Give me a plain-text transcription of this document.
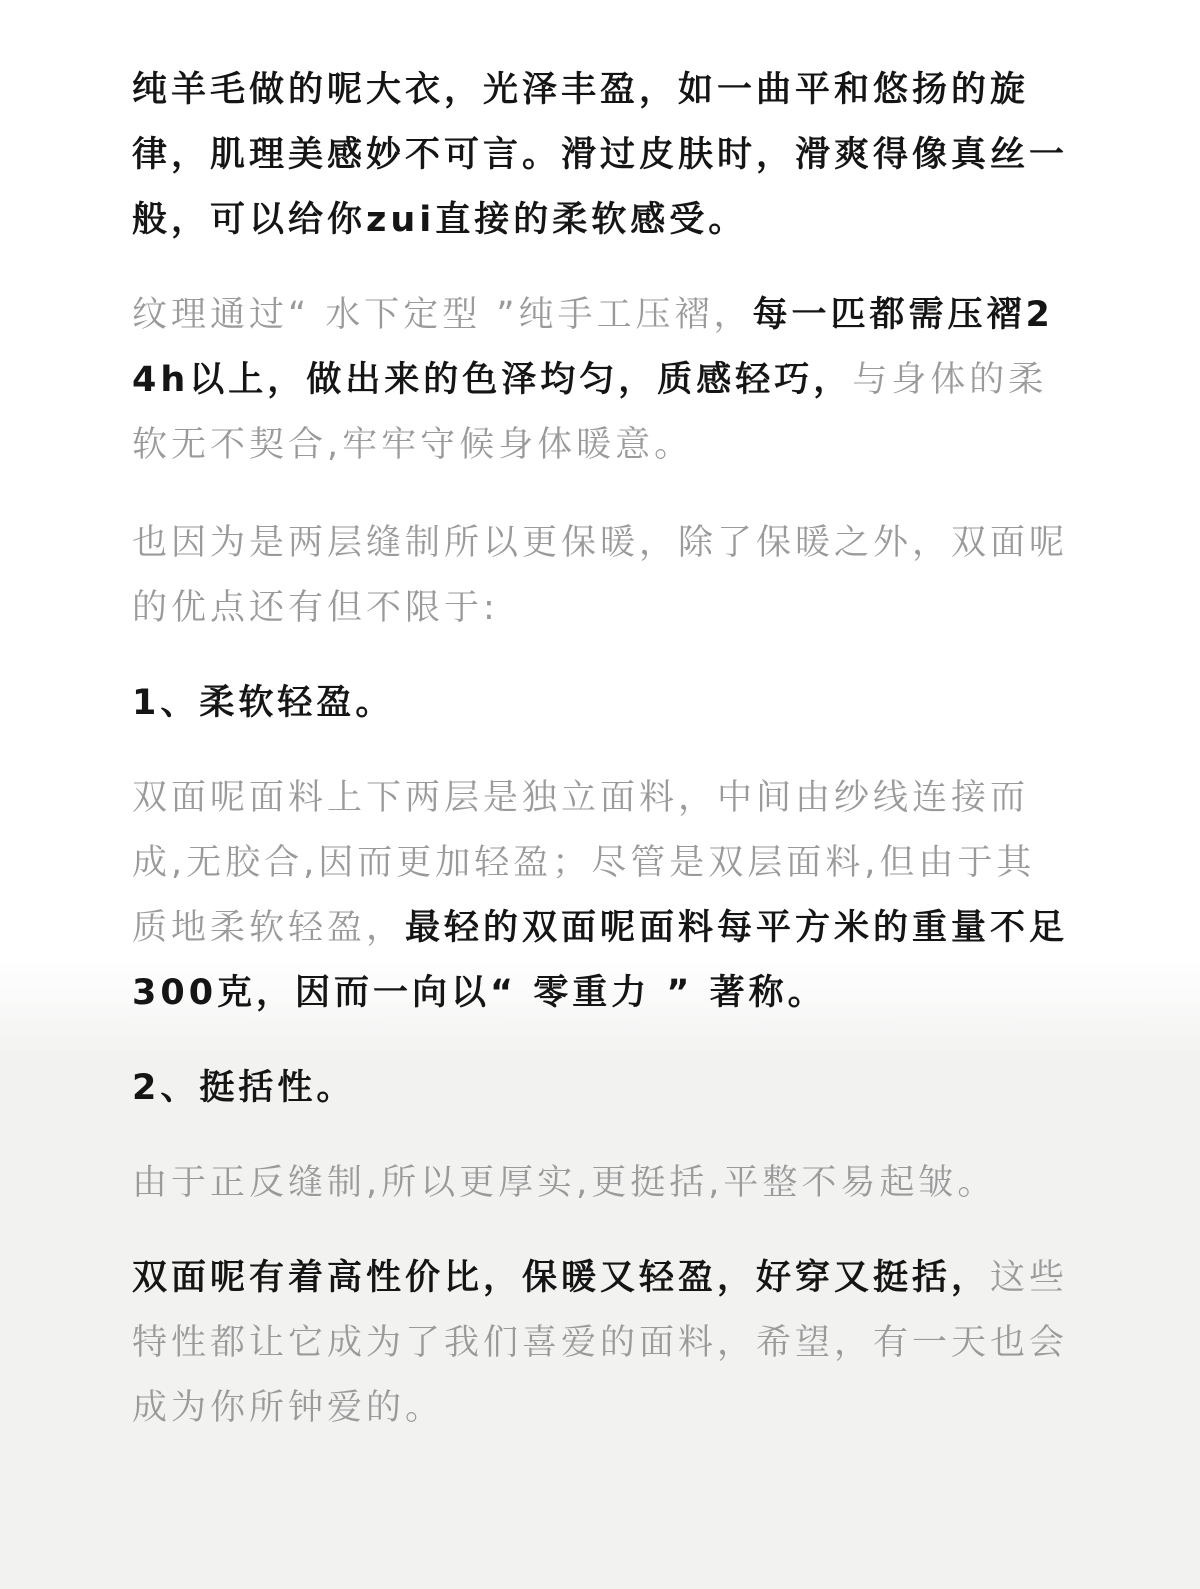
纯羊毛做的呢大衣，光泽丰盈，如一曲平和悠扬的旋律，肌理美感妙不可言。滑过皮肤时，滑爽得像真丝一般，可以给你zui直接的柔软感受。

纹理通过“ 水下定型 ”纯手工压褶，每一匹都需压褶24h以上，做出来的色泽均匀，质感轻巧，与身体的柔软无不契合,牢牢守候身体暖意。

也因为是两层缝制所以更保暖，除了保暖之外，双面呢的优点还有但不限于:

1、柔软轻盈。

双面呢面料上下两层是独立面料，中间由纱线连接而成,无胶合,因而更加轻盈；尽管是双层面料,但由于其质地柔软轻盈，最轻的双面呢面料每平方米的重量不足300克，因而一向以“ 零重力 ” 著称。

2、挺括性。

由于正反缝制,所以更厚实,更挺括,平整不易起皱。

双面呢有着高性价比，保暖又轻盈，好穿又挺括，这些特性都让它成为了我们喜爱的面料，希望，有一天也会成为你所钟爱的。
